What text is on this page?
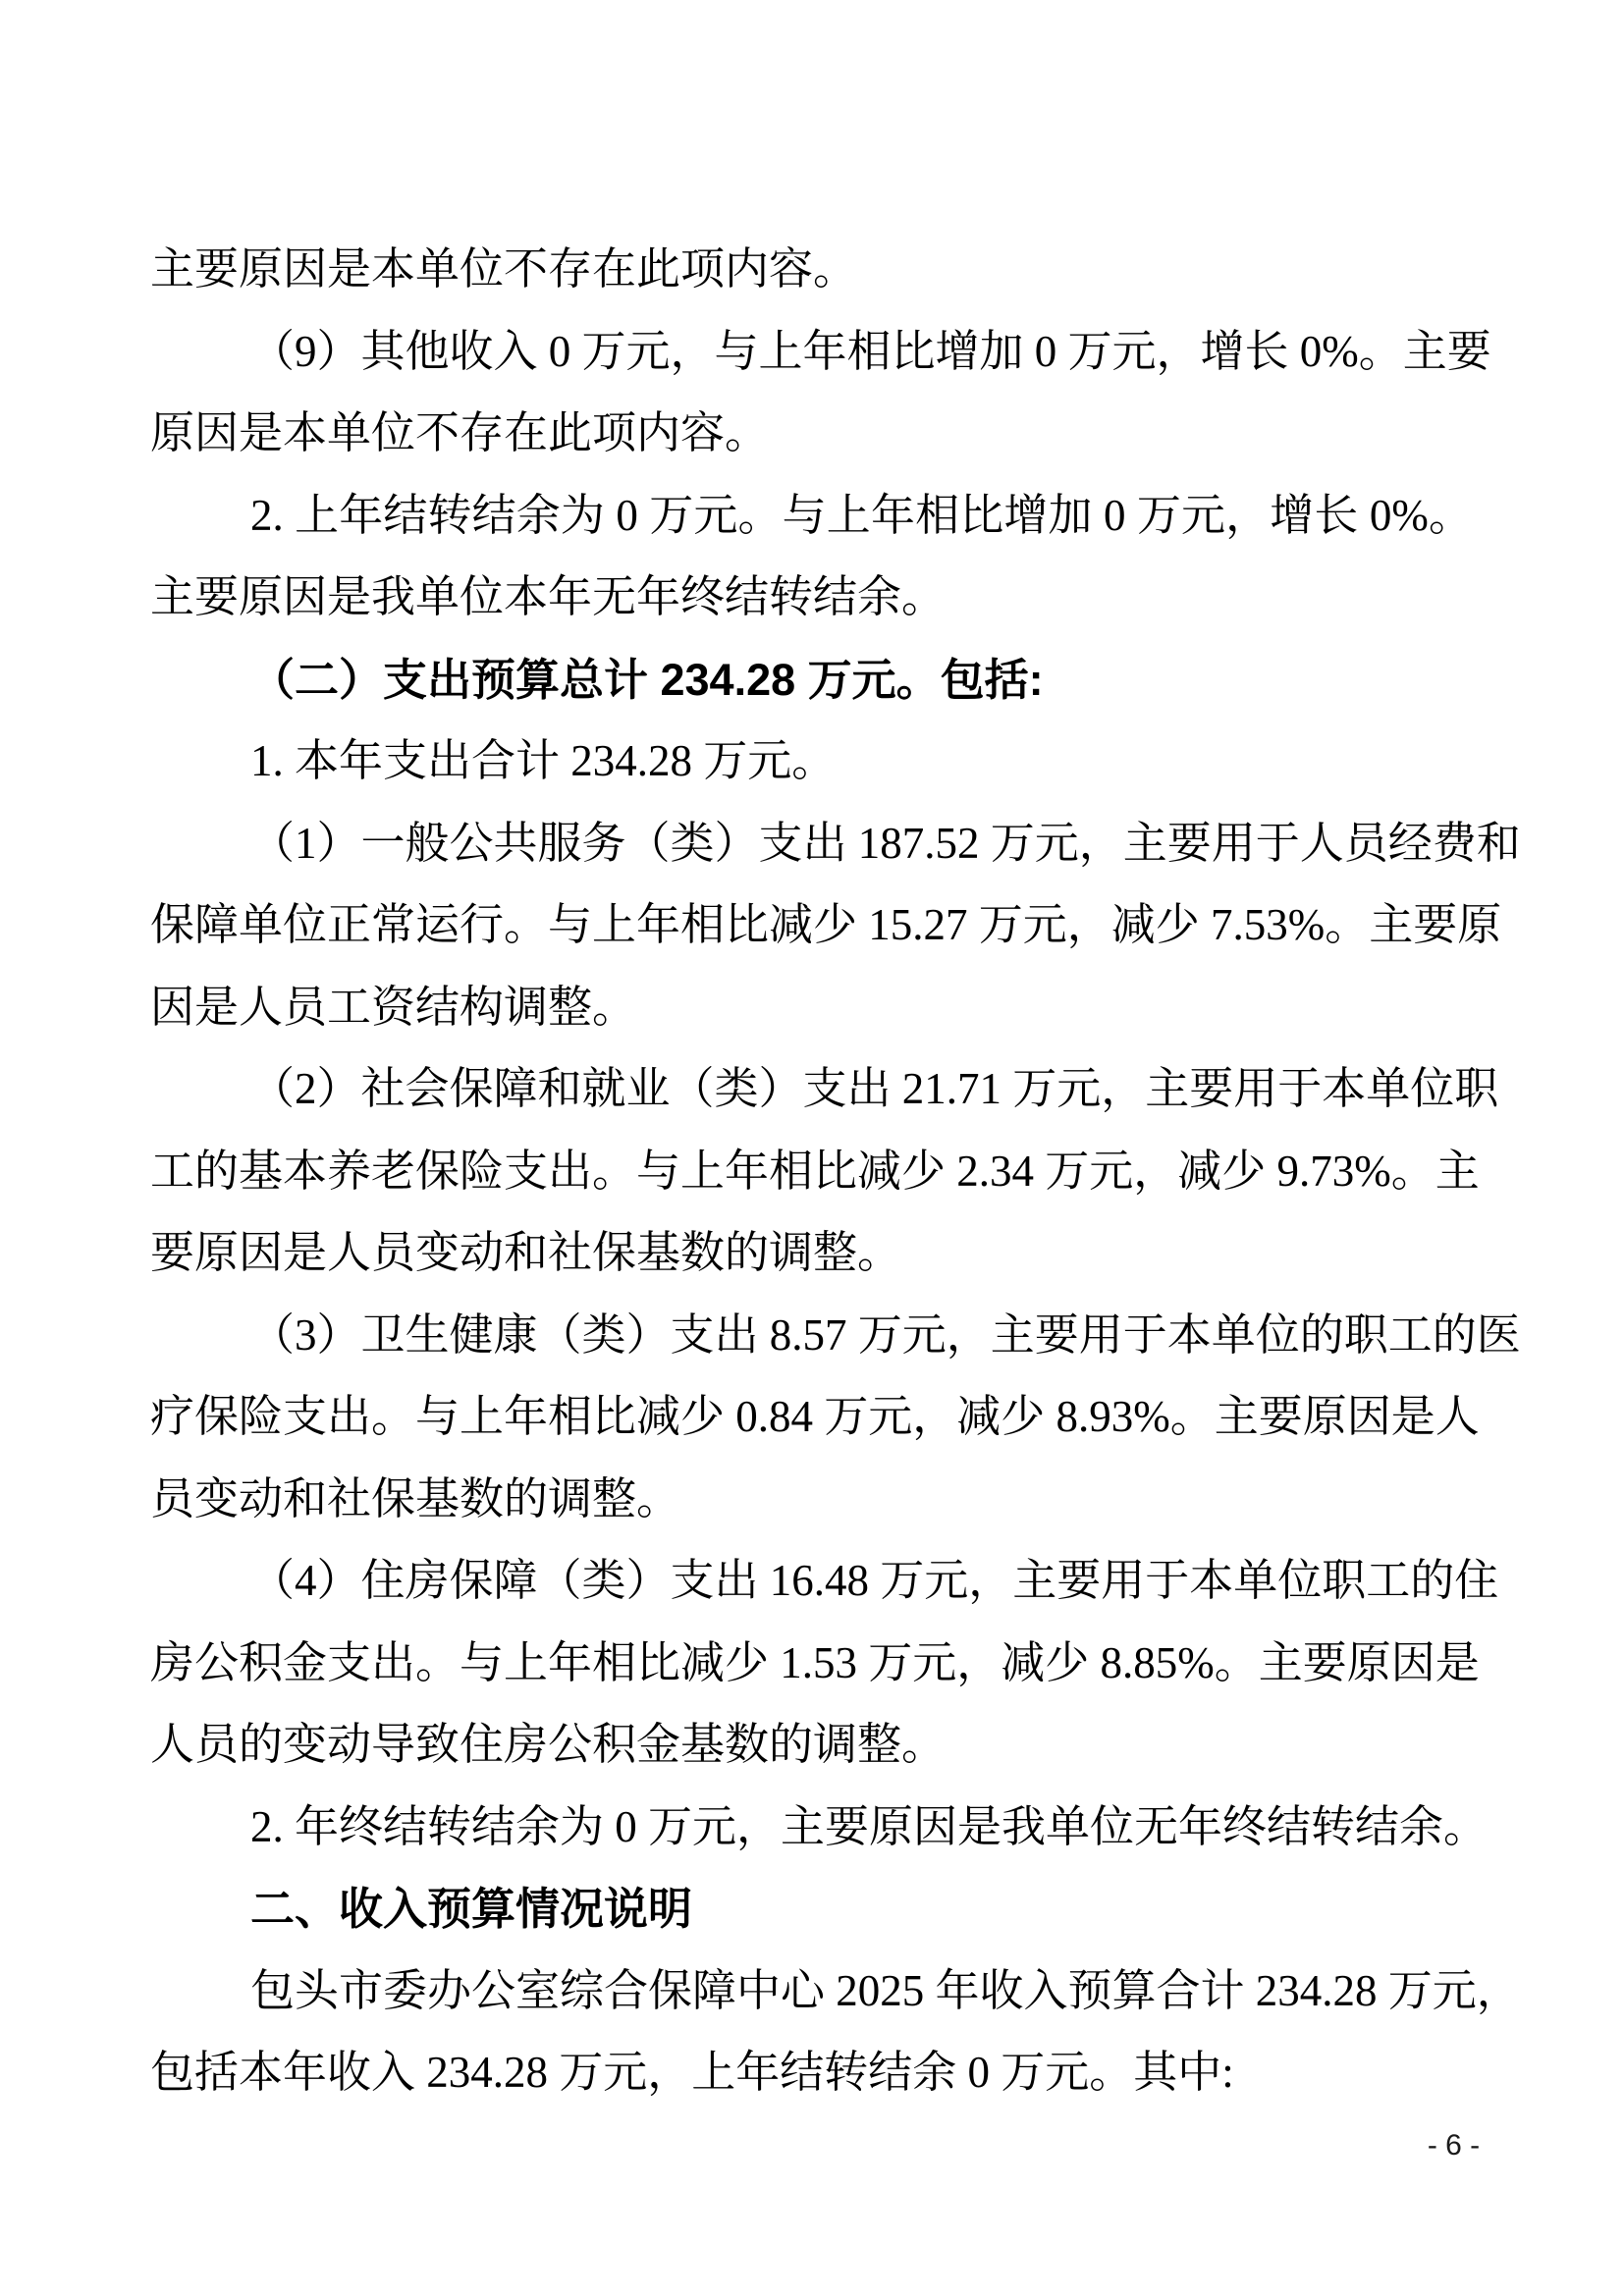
主要原因是本单位不存在此项内容。
（9）其他收入 0 万元，与上年相比增加 0 万元，增长 0%。主要
原因是本单位不存在此项内容。
2. 上年结转结余为 0 万元。与上年相比增加 0 万元，增长 0%。
主要原因是我单位本年无年终结转结余。
（二）支出预算总计 234.28 万元。包括:
1. 本年支出合计 234.28 万元。
（1）一般公共服务（类）支出 187.52 万元，主要用于人员经费和
保障单位正常运行。与上年相比减少 15.27 万元，减少 7.53%。主要原
因是人员工资结构调整。
（2）社会保障和就业（类）支出 21.71 万元，主要用于本单位职
工的基本养老保险支出。与上年相比减少 2.34 万元，减少 9.73%。主
要原因是人员变动和社保基数的调整。
（3）卫生健康（类）支出 8.57 万元，主要用于本单位的职工的医
疗保险支出。与上年相比减少 0.84 万元，减少 8.93%。主要原因是人
员变动和社保基数的调整。
（4）住房保障（类）支出 16.48 万元，主要用于本单位职工的住
房公积金支出。与上年相比减少 1.53 万元，减少 8.85%。主要原因是
人员的变动导致住房公积金基数的调整。
2. 年终结转结余为 0 万元，主要原因是我单位无年终结转结余。
二、收入预算情况说明
包头市委办公室综合保障中心 2025 年收入预算合计 234.28 万元，
包括本年收入 234.28 万元，上年结转结余 0 万元。其中:
- 6 -
